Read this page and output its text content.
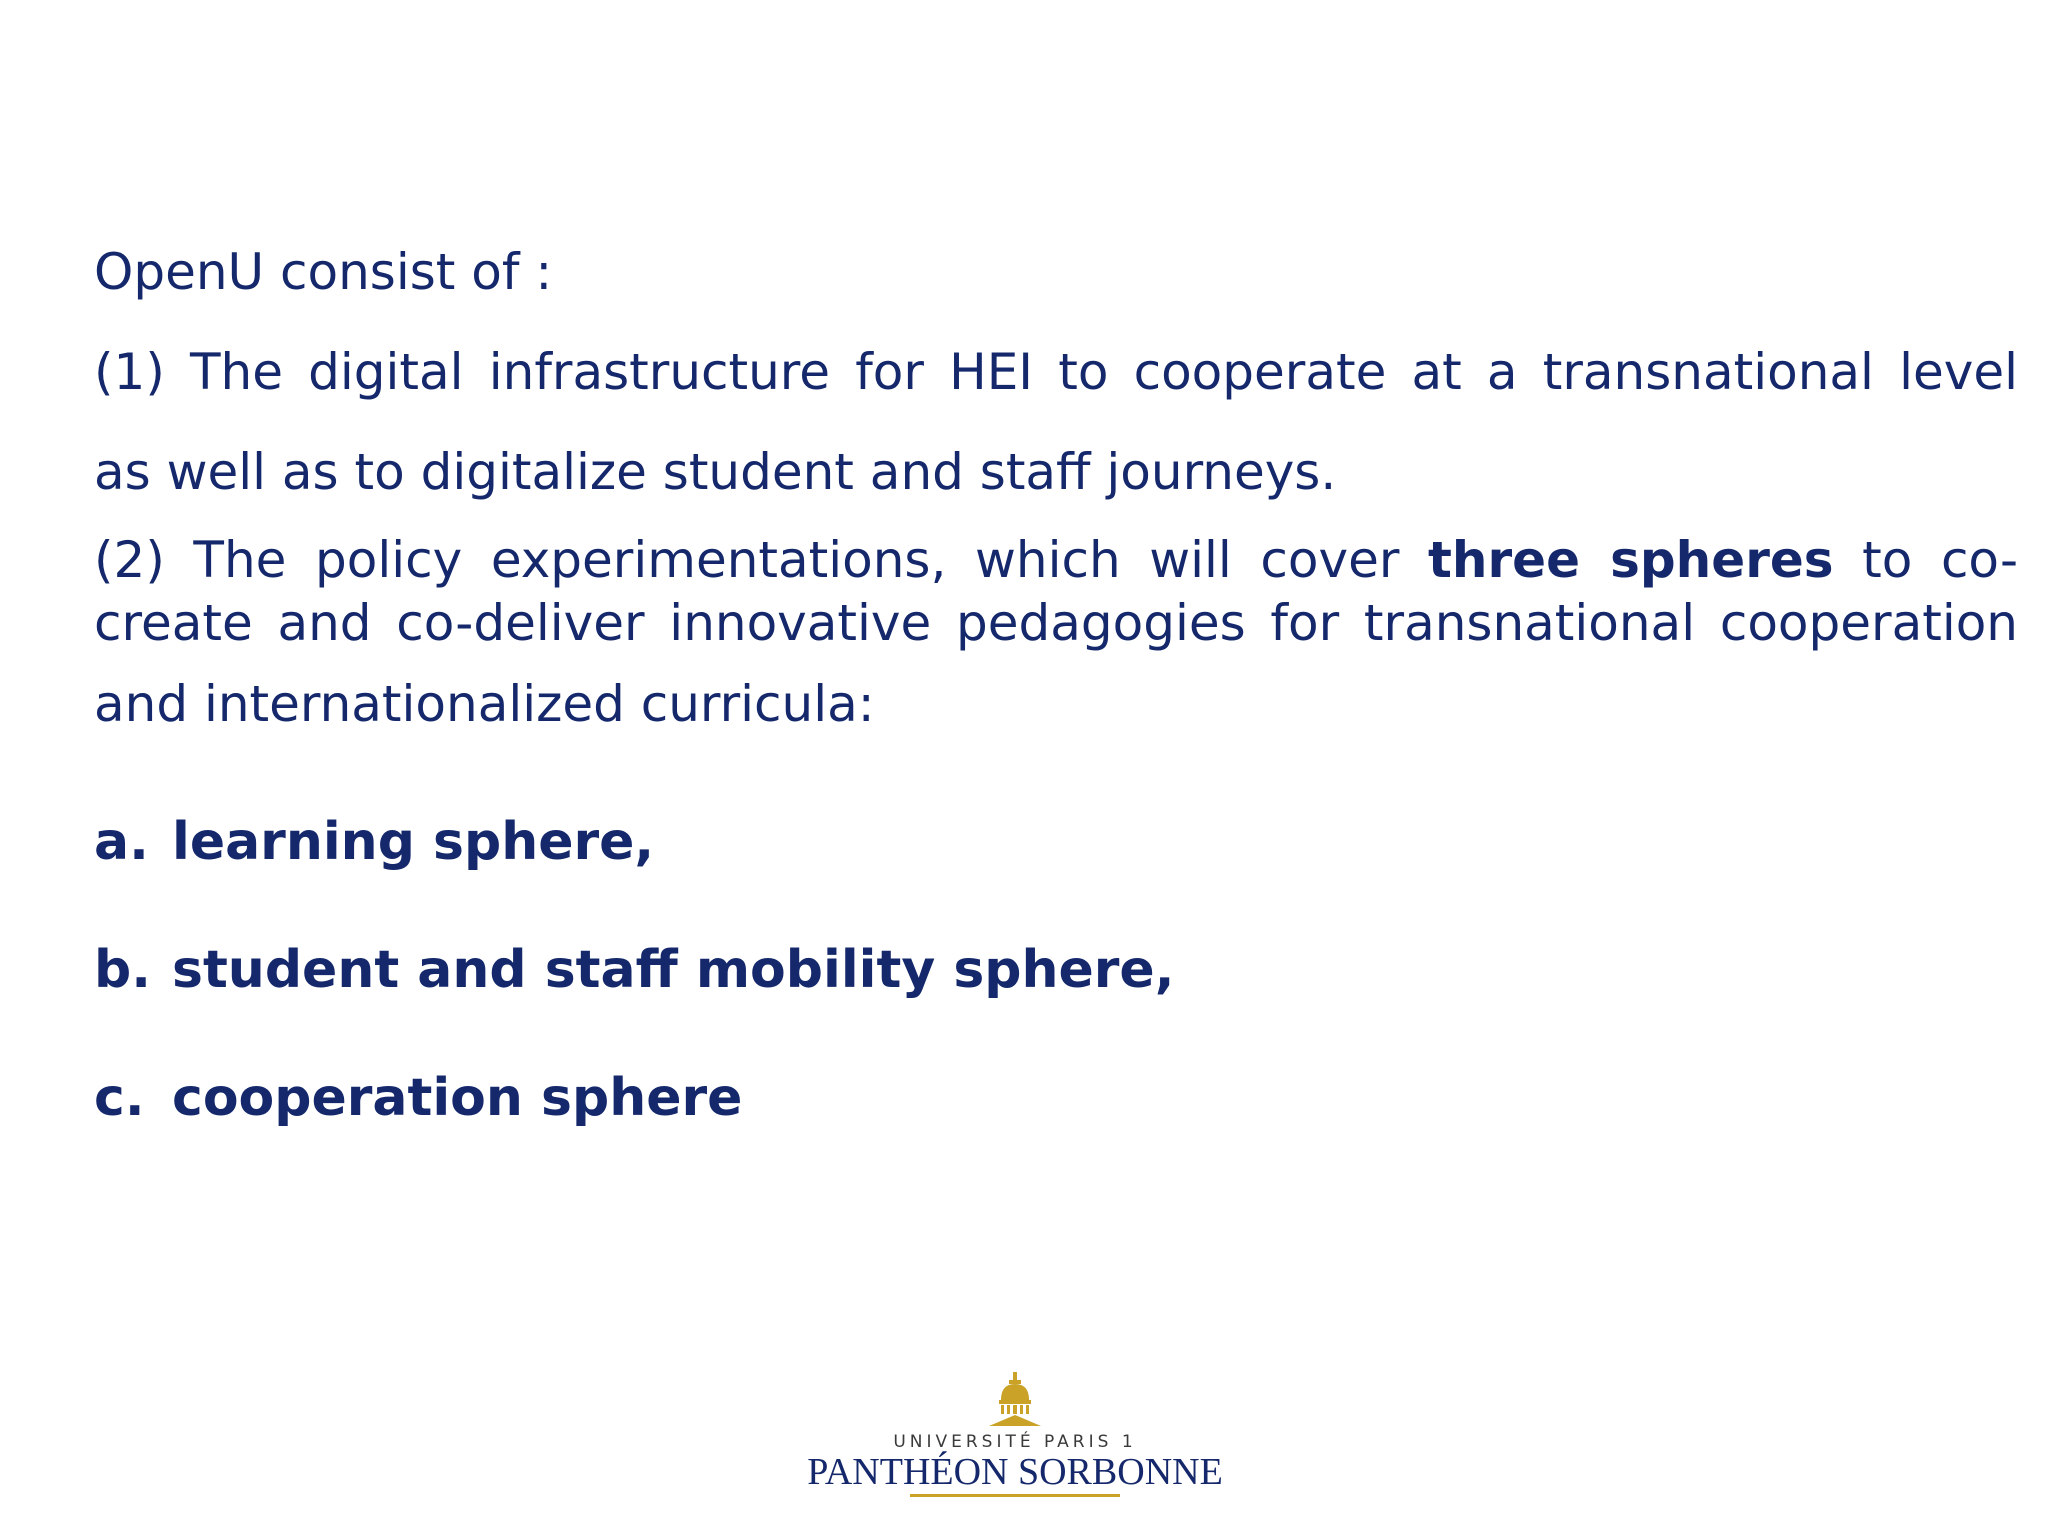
OpenU consist of :

(1) The digital infrastructure for HEI to cooperate at a transnational level
as well as to digitalize student and staff journeys.

(2) The policy experimentations, which will cover three spheres to co-
create and co-deliver innovative pedagogies for transnational cooperation
and internationalized curricula:
a. learning sphere,
b. student and staff mobility sphere,
c. cooperation sphere
UNIVERSITÉ PARIS 1
PANTHÉON SORBONNE
